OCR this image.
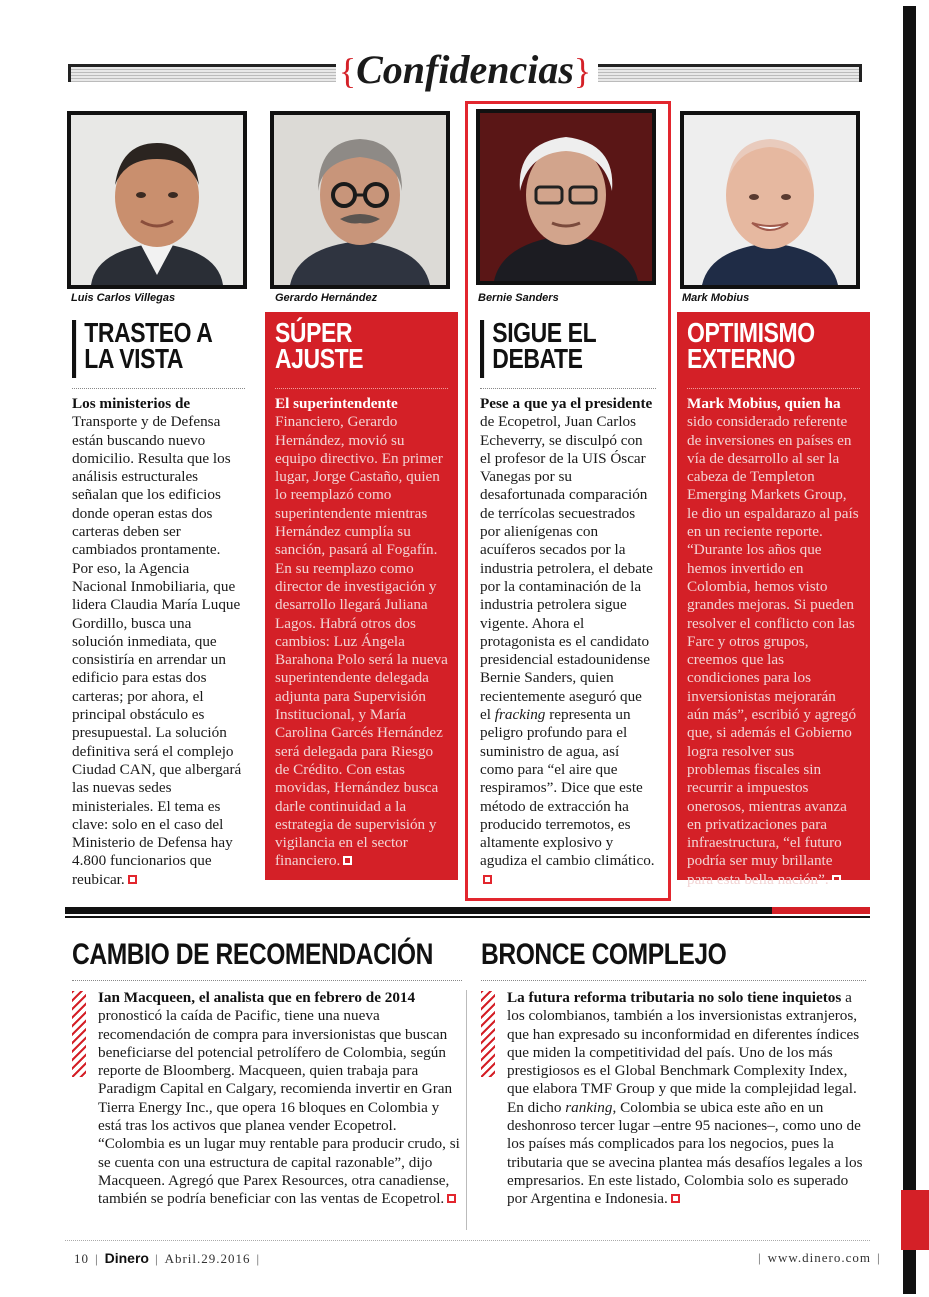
{Confidencias}
Luis Carlos Villegas	Gerardo Hernández	Bernie Sanders	Mark Mobius
TRASTEO A
LA VISTA
Los ministerios de Transporte y de Defensa están buscando nuevo domicilio. Resulta que los análisis estructurales señalan que los edificios donde operan estas dos carteras deben ser cambiados prontamente. Por eso, la Agencia Nacional Inmobiliaria, que lidera Claudia María Luque Gordillo, busca una solución inmediata, que consistiría en arrendar un edificio para estas dos carteras; por ahora, el principal obstáculo es presupuestal. La solución definitiva será el complejo Ciudad CAN, que albergará las nuevas sedes ministeriales. El tema es clave: solo en el caso del Ministerio de Defensa hay 4.800 funcionarios que reubicar.
SÚPER
AJUSTE
El superintendente Financiero, Gerardo Hernández, movió su equipo directivo. En primer lugar, Jorge Castaño, quien lo reemplazó como superintendente mientras Hernández cumplía su sanción, pasará al Fogafín. En su reemplazo como director de investigación y desarrollo llegará Juliana Lagos. Habrá otros dos cambios: Luz Ángela Barahona Polo será la nueva superintendente delegada adjunta para Supervisión Institucional, y María Carolina Garcés Hernández será delegada para Riesgo de Crédito. Con estas movidas, Hernández busca darle continuidad a la estrategia de supervisión y vigilancia en el sector financiero.
SIGUE EL
DEBATE
Pese a que ya el presidente de Ecopetrol, Juan Carlos Echeverry, se disculpó con el profesor de la UIS Óscar Vanegas por su desafortunada comparación de terrícolas secuestrados por alienígenas con acuíferos secados por la industria petrolera, el debate por la contaminación de la industria petrolera sigue vigente. Ahora el protagonista es el candidato presidencial estadounidense Bernie Sanders, quien recientemente aseguró que el fracking representa un peligro profundo para el suministro de agua, así como para “el aire que respiramos”. Dice que este método de extracción ha producido terremotos, es altamente explosivo y agudiza el cambio climático.
OPTIMISMO
EXTERNO
Mark Mobius, quien ha sido considerado referente de inversiones en países en vía de desarrollo al ser la cabeza de Templeton Emerging Markets Group, le dio un espaldarazo al país en un reciente reporte. “Durante los años que hemos invertido en Colombia, hemos visto grandes mejoras. Si pueden resolver el conflicto con las Farc y otros grupos, creemos que las condiciones para los inversionistas mejorarán aún más”, escribió y agregó que, si además el Gobierno logra resolver sus problemas fiscales sin recurrir a impuestos onerosos, mientras avanza en privatizaciones para infraestructura, “el futuro podría ser muy brillante para esta bella nación”.
CAMBIO DE RECOMENDACIÓN
Ian Macqueen, el analista que en febrero de 2014 pronosticó la caída de Pacific, tiene una nueva recomendación de compra para inversionistas que buscan beneficiarse del potencial petrolífero de Colombia, según reporte de Bloomberg. Macqueen, quien trabaja para Paradigm Capital en Calgary, recomienda invertir en Gran Tierra Energy Inc., que opera 16 bloques en Colombia y está tras los activos que planea vender Ecopetrol. “Colombia es un lugar muy rentable para producir crudo, si se cuenta con una estructura de capital razonable”, dijo Macqueen. Agregó que Parex Resources, otra canadiense, también se podría beneficiar con las ventas de Ecopetrol.
BRONCE COMPLEJO
La futura reforma tributaria no solo tiene inquietos a los colombianos, también a los inversionistas extranjeros, que han expresado su inconformidad en diferentes índices que miden la competitividad del país. Uno de los más prestigiosos es el Global Benchmark Complexity Index, que elabora TMF Group y que mide la complejidad legal. En dicho ranking, Colombia se ubica este año en un deshonroso tercer lugar –entre 95 naciones–, como uno de los países más complicados para los negocios, pues la tributaria que se avecina plantea más desafíos legales a los empresarios. En este listado, Colombia solo es superado por Argentina e Indonesia.
10 | Dinero | Abril.29.2016 |	| www.dinero.com |
